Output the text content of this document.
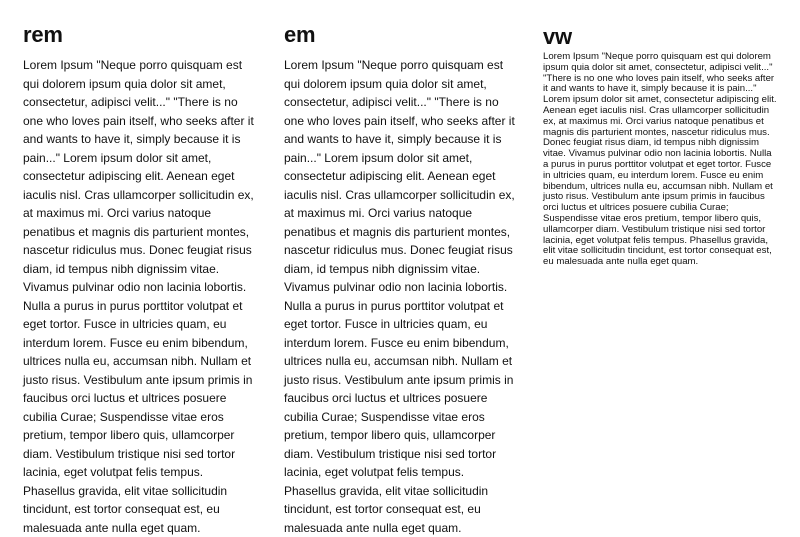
rem

Lorem Ipsum "Neque porro quisquam est qui dolorem ipsum quia dolor sit amet, consectetur, adipisci velit..." "There is no one who loves pain itself, who seeks after it and wants to have it, simply because it is pain..." Lorem ipsum dolor sit amet, consectetur adipiscing elit. Aenean eget iaculis nisl. Cras ullamcorper sollicitudin ex, at maximus mi. Orci varius natoque penatibus et magnis dis parturient montes, nascetur ridiculus mus. Donec feugiat risus diam, id tempus nibh dignissim vitae. Vivamus pulvinar odio non lacinia lobortis. Nulla a purus in purus porttitor volutpat et eget tortor. Fusce in ultricies quam, eu interdum lorem. Fusce eu enim bibendum, ultrices nulla eu, accumsan nibh. Nullam et justo risus. Vestibulum ante ipsum primis in faucibus orci luctus et ultrices posuere cubilia Curae; Suspendisse vitae eros pretium, tempor libero quis, ullamcorper diam. Vestibulum tristique nisi sed tortor lacinia, eget volutpat felis tempus. Phasellus gravida, elit vitae sollicitudin tincidunt, est tortor consequat est, eu malesuada ante nulla eget quam.

em

Lorem Ipsum "Neque porro quisquam est qui dolorem ipsum quia dolor sit amet, consectetur, adipisci velit..." "There is no one who loves pain itself, who seeks after it and wants to have it, simply because it is pain..." Lorem ipsum dolor sit amet, consectetur adipiscing elit. Aenean eget iaculis nisl. Cras ullamcorper sollicitudin ex, at maximus mi. Orci varius natoque penatibus et magnis dis parturient montes, nascetur ridiculus mus. Donec feugiat risus diam, id tempus nibh dignissim vitae. Vivamus pulvinar odio non lacinia lobortis. Nulla a purus in purus porttitor volutpat et eget tortor. Fusce in ultricies quam, eu interdum lorem. Fusce eu enim bibendum, ultrices nulla eu, accumsan nibh. Nullam et justo risus. Vestibulum ante ipsum primis in faucibus orci luctus et ultrices posuere cubilia Curae; Suspendisse vitae eros pretium, tempor libero quis, ullamcorper diam. Vestibulum tristique nisi sed tortor lacinia, eget volutpat felis tempus. Phasellus gravida, elit vitae sollicitudin tincidunt, est tortor consequat est, eu malesuada ante nulla eget quam.

vw

Lorem Ipsum "Neque porro quisquam est qui dolorem ipsum quia dolor sit amet, consectetur, adipisci velit..." "There is no one who loves pain itself, who seeks after it and wants to have it, simply because it is pain..." Lorem ipsum dolor sit amet, consectetur adipiscing elit. Aenean eget iaculis nisl. Cras ullamcorper sollicitudin ex, at maximus mi. Orci varius natoque penatibus et magnis dis parturient montes, nascetur ridiculus mus. Donec feugiat risus diam, id tempus nibh dignissim vitae. Vivamus pulvinar odio non lacinia lobortis. Nulla a purus in purus porttitor volutpat et eget tortor. Fusce in ultricies quam, eu interdum lorem. Fusce eu enim bibendum, ultrices nulla eu, accumsan nibh. Nullam et justo risus. Vestibulum ante ipsum primis in faucibus orci luctus et ultrices posuere cubilia Curae; Suspendisse vitae eros pretium, tempor libero quis, ullamcorper diam. Vestibulum tristique nisi sed tortor lacinia, eget volutpat felis tempus. Phasellus gravida, elit vitae sollicitudin tincidunt, est tortor consequat est, eu malesuada ante nulla eget quam.
